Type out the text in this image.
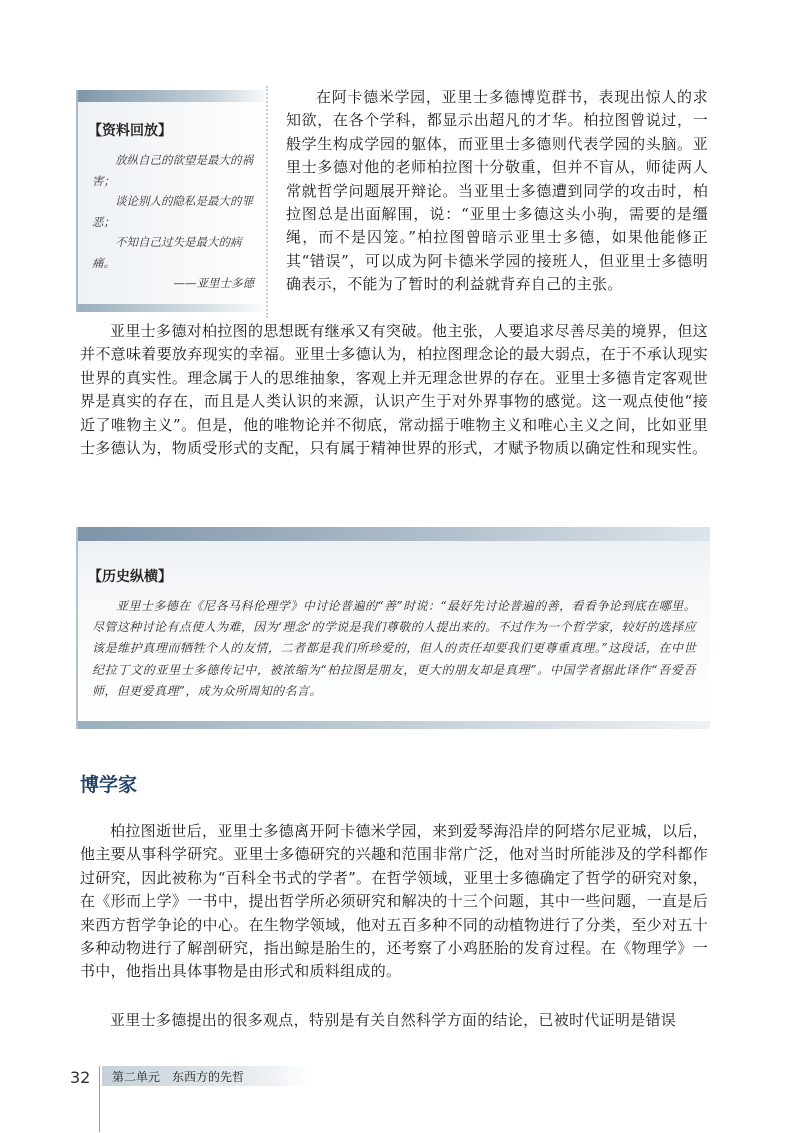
【资料回放】

放纵自己的欲望是最大的祸害；

谈论别人的隐私是最大的罪恶；

不知自己过失是最大的病痛。

——亚里士多德

在阿卡德米学园，亚里士多德博览群书，表现出惊人的求知欲，在各个学科，都显示出超凡的才华。柏拉图曾说过，一般学生构成学园的躯体，而亚里士多德则代表学园的头脑。亚里士多德对他的老师柏拉图十分敬重，但并不盲从，师徒两人常就哲学问题展开辩论。当亚里士多德遭到同学的攻击时，柏拉图总是出面解围，说：“亚里士多德这头小驹，需要的是缰绳，而不是囚笼。”柏拉图曾暗示亚里士多德，如果他能修正其“错误”，可以成为阿卡德米学园的接班人，但亚里士多德明确表示，不能为了暂时的利益就背弃自己的主张。

亚里士多德对柏拉图的思想既有继承又有突破。他主张，人要追求尽善尽美的境界，但这并不意味着要放弃现实的幸福。亚里士多德认为，柏拉图理念论的最大弱点，在于不承认现实世界的真实性。理念属于人的思维抽象，客观上并无理念世界的存在。亚里士多德肯定客观世界是真实的存在，而且是人类认识的来源，认识产生于对外界事物的感觉。这一观点使他“接近了唯物主义”。但是，他的唯物论并不彻底，常动摇于唯物主义和唯心主义之间，比如亚里士多德认为，物质受形式的支配，只有属于精神世界的形式，才赋予物质以确定性和现实性。

【历史纵横】

亚里士多德在《尼各马科伦理学》中讨论普遍的“善”时说：“最好先讨论普遍的善，看看争论到底在哪里。尽管这种讨论有点使人为难，因为‘理念’的学说是我们尊敬的人提出来的。不过作为一个哲学家，较好的选择应该是维护真理而牺牲个人的友情，二者都是我们所珍爱的，但人的责任却要我们更尊重真理。”这段话，在中世纪拉丁文的亚里士多德传记中，被浓缩为“柏拉图是朋友，更大的朋友却是真理”。中国学者据此译作“吾爱吾师，但更爱真理”，成为众所周知的名言。

博学家

柏拉图逝世后，亚里士多德离开阿卡德米学园，来到爱琴海沿岸的阿塔尔尼亚城，以后，他主要从事科学研究。亚里士多德研究的兴趣和范围非常广泛，他对当时所能涉及的学科都作过研究，因此被称为“百科全书式的学者”。在哲学领域，亚里士多德确定了哲学的研究对象，在《形而上学》一书中，提出哲学所必须研究和解决的十三个问题，其中一些问题，一直是后来西方哲学争论的中心。在生物学领域，他对五百多种不同的动植物进行了分类，至少对五十多种动物进行了解剖研究，指出鲸是胎生的，还考察了小鸡胚胎的发育过程。在《物理学》一书中，他指出具体事物是由形式和质料组成的。

亚里士多德提出的很多观点，特别是有关自然科学方面的结论，已被时代证明是错误

32 第二单元　东西方的先哲
